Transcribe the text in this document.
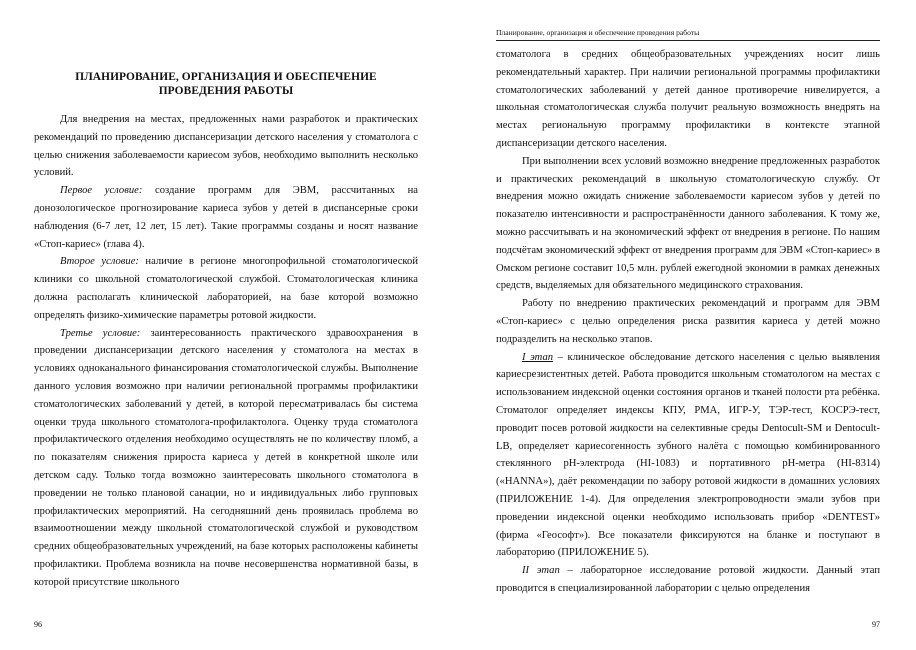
ПЛАНИРОВАНИЕ, ОРГАНИЗАЦИЯ И ОБЕСПЕЧЕНИЕ
ПРОВЕДЕНИЯ РАБОТЫ

Для внедрения на местах, предложенных нами разработок и практических рекомендаций по проведению диспансеризации детского населения у стоматолога с целью снижения заболеваемости кариесом зубов, необходимо выполнить несколько условий.

Первое условие: создание программ для ЭВМ, рассчитанных на донозологическое прогнозирование кариеса зубов у детей в диспансерные сроки наблюдения (6-7 лет, 12 лет, 15 лет). Такие программы созданы и носят название «Стоп-кариес» (глава 4).

Второе условие: наличие в регионе многопрофильной стоматологической клиники со школьной стоматологической службой. Стоматологическая клиника должна располагать клинической лабораторией, на базе которой возможно определять физико-химические параметры ротовой жидкости.

Третье условие: заинтересованность практического здравоохранения в проведении диспансеризации детского населения у стоматолога на местах в условиях одноканального финансирования стоматологической службы. Выполнение данного условия возможно при наличии региональной программы профилактики стоматологических заболеваний у детей, в которой пересматривалась бы система оценки труда школьного стоматолога-профилактолога. Оценку труда стоматолога профилактического отделения необходимо осуществлять не по количеству пломб, а по показателям снижения прироста кариеса у детей в конкретной школе или детском саду. Только тогда возможно заинтересовать школьного стоматолога в проведении не только плановой санации, но и индивидуальных либо групповых профилактических мероприятий. На сегодняшний день проявилась проблема во взаимоотношении между школьной стоматологической службой и руководством средних общеобразовательных учреждений, на базе которых расположены кабинеты профилактики. Проблема возникла на почве несовершенства нормативной базы, в которой присутствие школьного

96
Планирование, организация и обеспечение проведения работы

стоматолога в средних общеобразовательных учреждениях носит лишь рекомендательный характер. При наличии региональной программы профилактики стоматологических заболеваний у детей данное противоречие нивелируется, а школьная стоматологическая служба получит реальную возможность внедрять на местах региональную программу профилактики в контексте этапной диспансеризации детского населения.

При выполнении всех условий возможно внедрение предложенных разработок и практических рекомендаций в школьную стоматологическую службу. От внедрения можно ожидать снижение заболеваемости кариесом зубов у детей по показателю интенсивности и распространённости данного заболевания. К тому же, можно рассчитывать и на экономический эффект от внедрения в регионе. По нашим подсчётам экономический эффект от внедрения программ для ЭВМ «Стоп-кариес» в Омском регионе составит 10,5 млн. рублей ежегодной экономии в рамках денежных средств, выделяемых для обязательного медицинского страхования.

Работу по внедрению практических рекомендаций и программ для ЭВМ «Стоп-кариес» с целью определения риска развития кариеса у детей можно подразделить на несколько этапов.

I этап – клиническое обследование детского населения с целью выявления кариесрезистентных детей. Работа проводится школьным стоматологом на местах с использованием индексной оценки состояния органов и тканей полости рта ребёнка. Стоматолог определяет индексы КПУ, РМА, ИГР-У, ТЭР-тест, КОСРЭ-тест, проводит посев ротовой жидкости на селективные среды Dentocult-SM и Dentocult-LB, определяет кариесогенность зубного налёта с помощью комбинированного стеклянного pH-электрода (HI-1083) и портативного pH-метра (HI-8314) («HANNA»), даёт рекомендации по забору ротовой жидкости в домашних условиях (ПРИЛОЖЕНИЕ 1-4). Для определения электропроводности эмали зубов при проведении индексной оценки необходимо использовать прибор «DENTEST» (фирма «Геософт»). Все показатели фиксируются на бланке и поступают в лабораторию (ПРИЛОЖЕНИЕ 5).

II этап – лабораторное исследование ротовой жидкости. Данный этап проводится в специализированной лаборатории с целью определения

97
